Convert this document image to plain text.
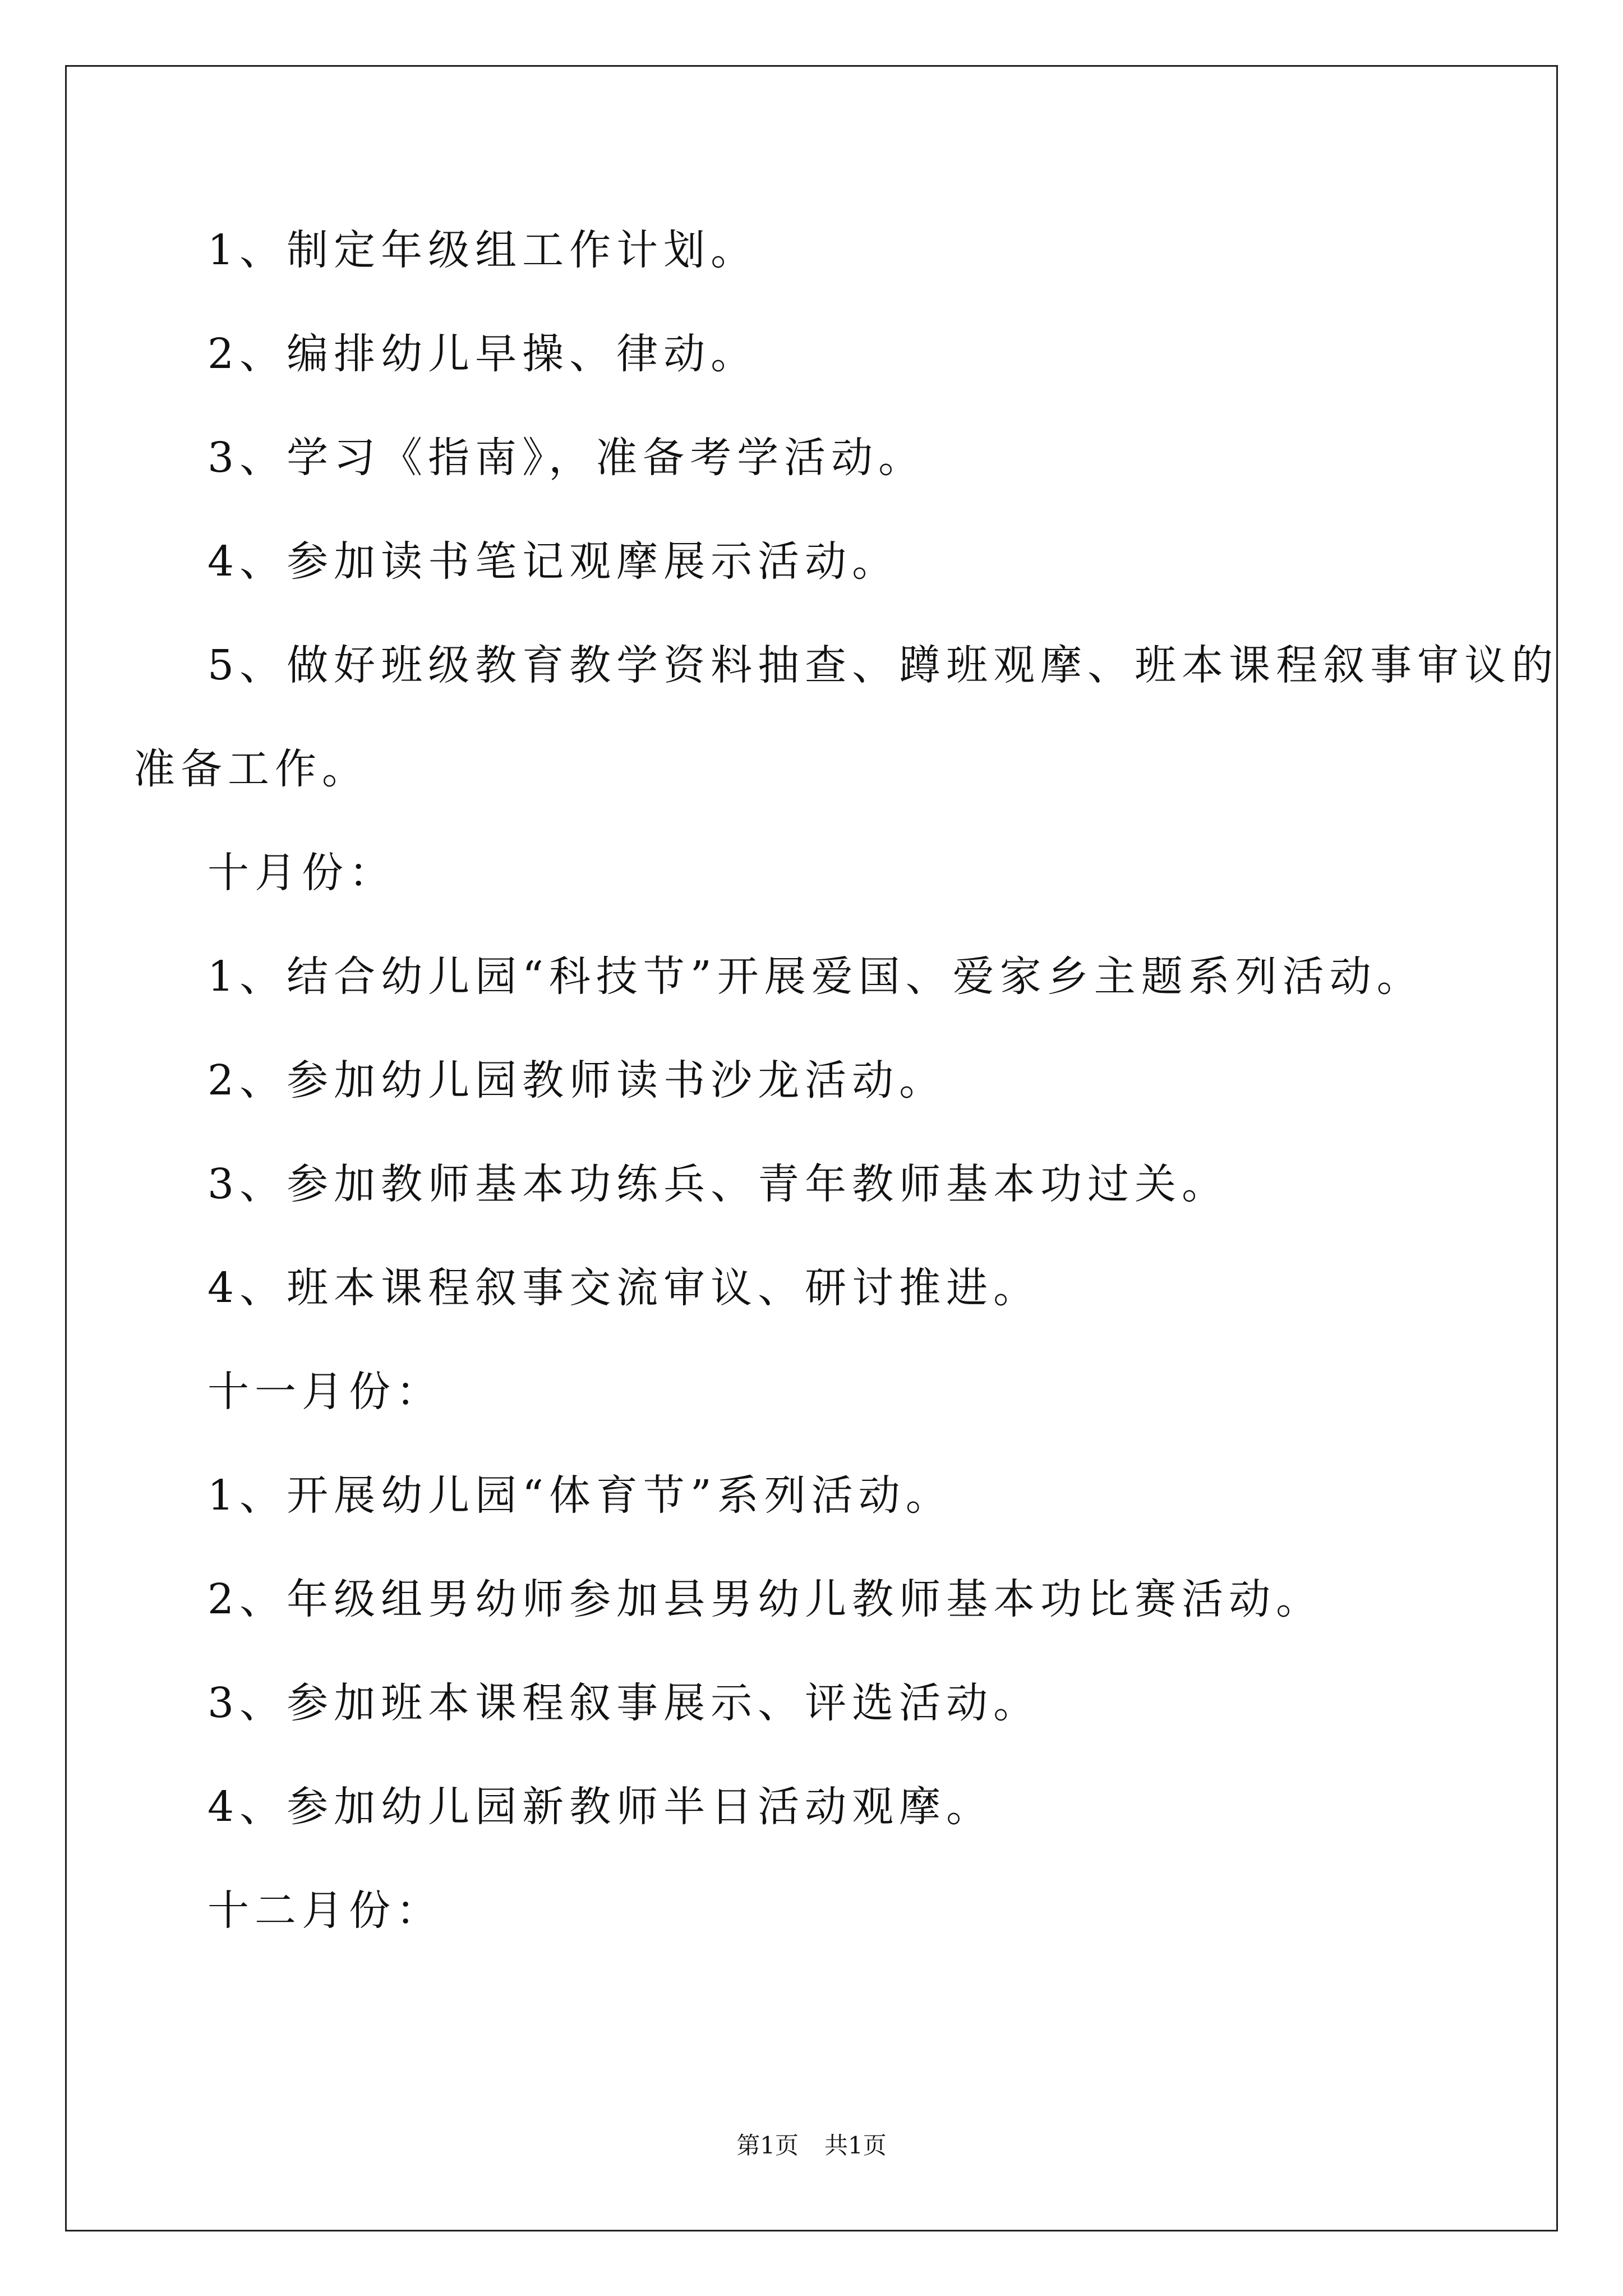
1、制定年级组工作计划。
2、编排幼儿早操、律动。
3、学习《指南》，准备考学活动。
4、参加读书笔记观摩展示活动。
5、做好班级教育教学资料抽查、蹲班观摩、班本课程叙事审议的
准备工作。
十月份：
1、结合幼儿园“科技节”开展爱国、爱家乡主题系列活动。
2、参加幼儿园教师读书沙龙活动。
3、参加教师基本功练兵、青年教师基本功过关。
4、班本课程叙事交流审议、研讨推进。
十一月份：
1、开展幼儿园“体育节”系列活动。
2、年级组男幼师参加县男幼儿教师基本功比赛活动。
3、参加班本课程叙事展示、评选活动。
4、参加幼儿园新教师半日活动观摩。
十二月份：
第1页 共1页
